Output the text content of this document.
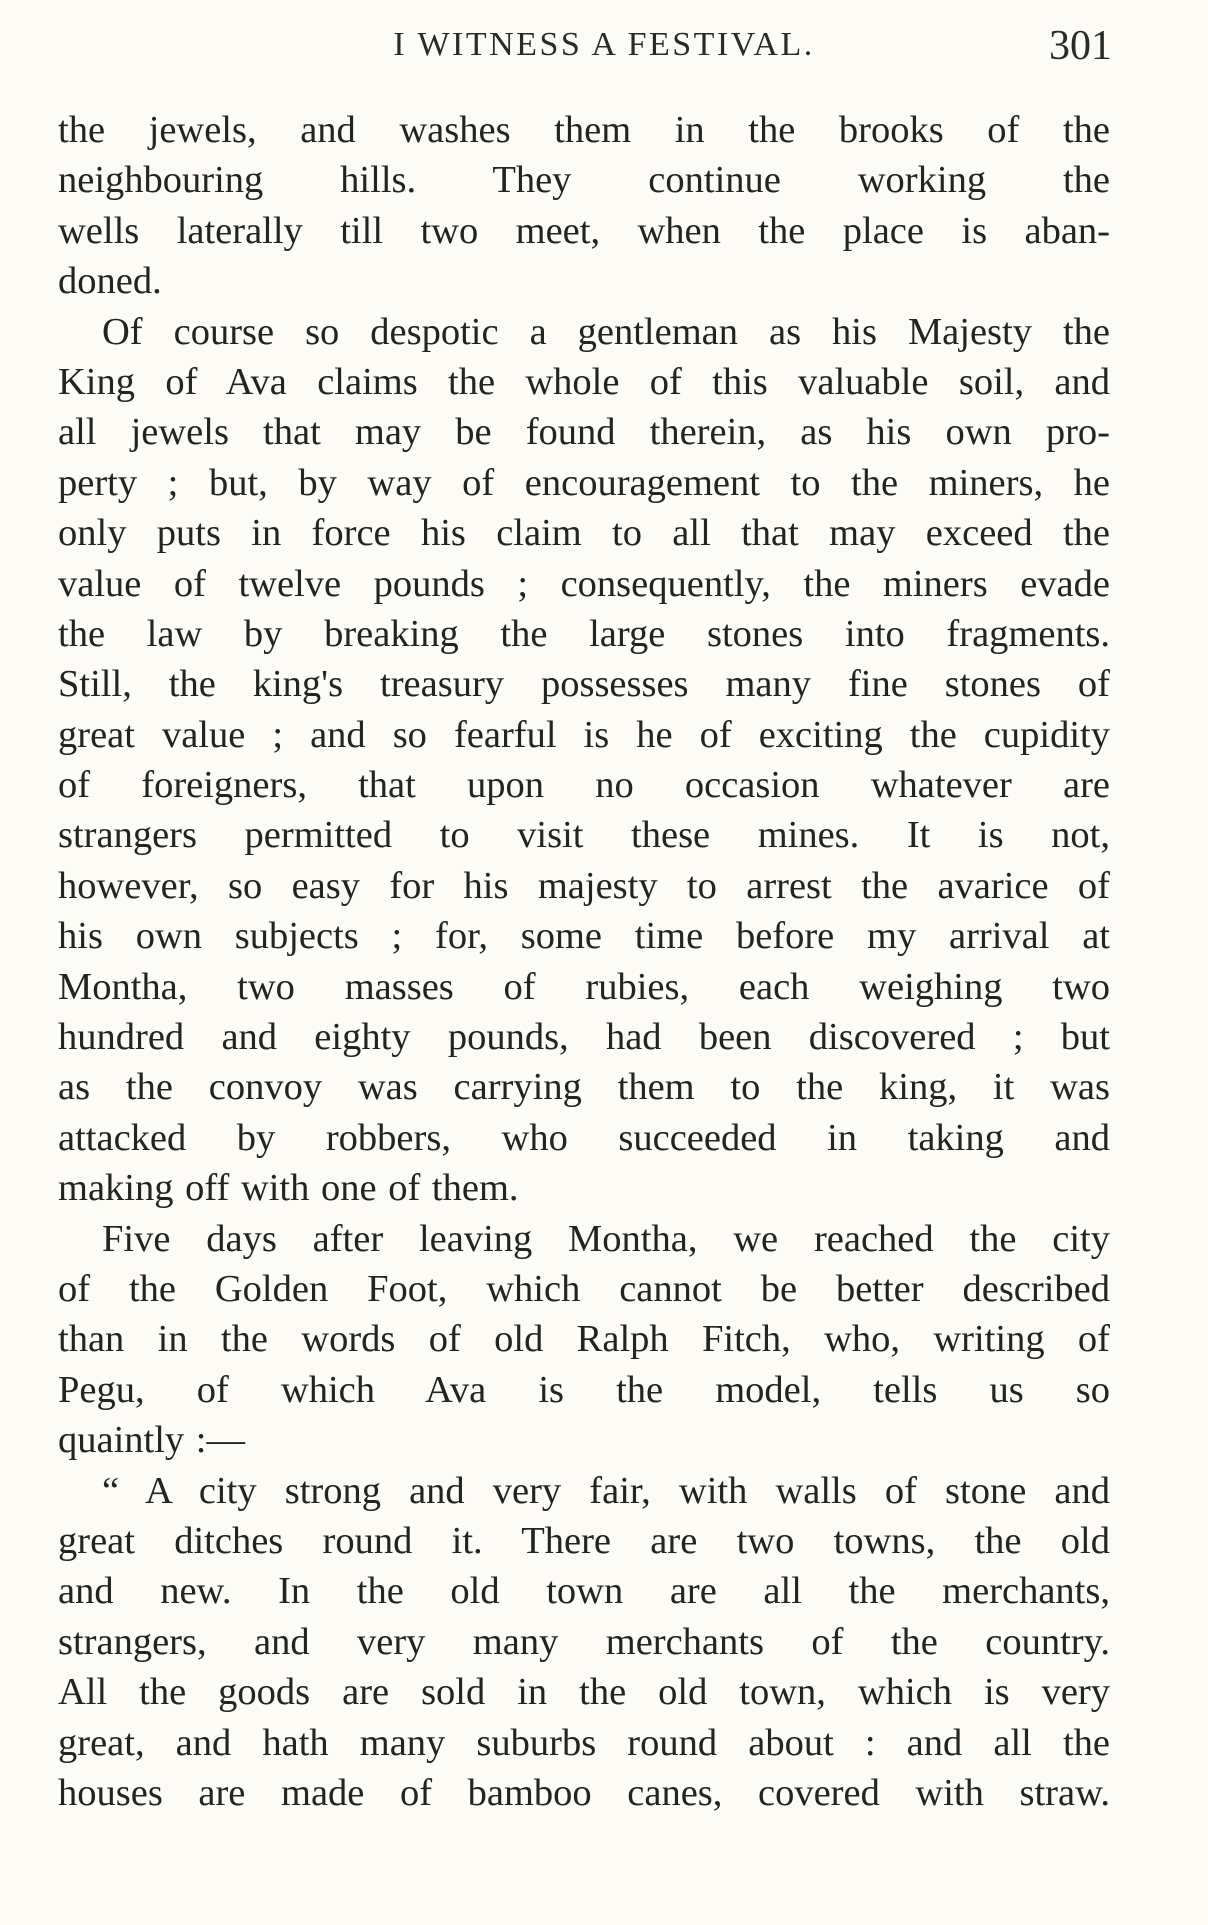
I WITNESS A FESTIVAL.	301
the jewels, and washes them in the brooks of the
neighbouring hills. They continue working the
wells laterally till two meet, when the place is aban-
doned.
Of course so despotic a gentleman as his Majesty the
King of Ava claims the whole of this valuable soil, and
all jewels that may be found therein, as his own pro-
perty ; but, by way of encouragement to the miners, he
only puts in force his claim to all that may exceed the
value of twelve pounds ; consequently, the miners evade
the law by breaking the large stones into fragments.
Still, the king's treasury possesses many fine stones of
great value ; and so fearful is he of exciting the cupidity
of foreigners, that upon no occasion whatever are
strangers permitted to visit these mines. It is not,
however, so easy for his majesty to arrest the avarice of
his own subjects ; for, some time before my arrival at
Montha, two masses of rubies, each weighing two
hundred and eighty pounds, had been discovered ; but
as the convoy was carrying them to the king, it was
attacked by robbers, who succeeded in taking and
making off with one of them.
Five days after leaving Montha, we reached the city
of the Golden Foot, which cannot be better described
than in the words of old Ralph Fitch, who, writing of
Pegu, of which Ava is the model, tells us so
quaintly :—
“ A city strong and very fair, with walls of stone and
great ditches round it. There are two towns, the old
and new. In the old town are all the merchants,
strangers, and very many merchants of the country.
All the goods are sold in the old town, which is very
great, and hath many suburbs round about : and all the
houses are made of bamboo canes, covered with straw.
